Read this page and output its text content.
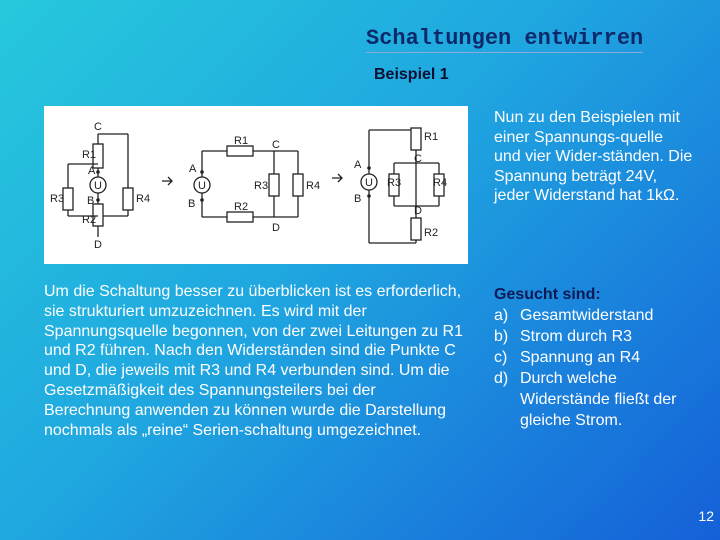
Schaltungen entwirren
Beispiel 1
C
R1
A
U
B
R2
D
R3	R4
A
U
B
R1 C
R3	R4
R2
D
A
U
B
R1
C
R3	R4
D
R2

Nun zu den Beispielen mit einer Spannungs-quelle und vier Wider-ständen. Die Spannung beträgt 24V, jeder Widerstand hat 1kΩ.

Um die Schaltung besser zu überblicken ist es erforderlich, sie strukturiert umzuzeichnen. Es wird mit der Spannungsquelle begonnen, von der zwei Leitungen zu R1 und R2 führen. Nach den Widerständen sind die Punkte C und D, die jeweils mit R3 und R4 verbunden sind. Um die Gesetzmäßigkeit des Spannungsteilers bei der Berechnung anwenden zu können wurde die Darstellung nochmals als „reine“ Serien-schaltung umgezeichnet.

Gesucht sind:
a) Gesamtwiderstand
b) Strom durch R3
c) Spannung an R4
d) Durch welche Widerstände fließt der gleiche Strom.
12
